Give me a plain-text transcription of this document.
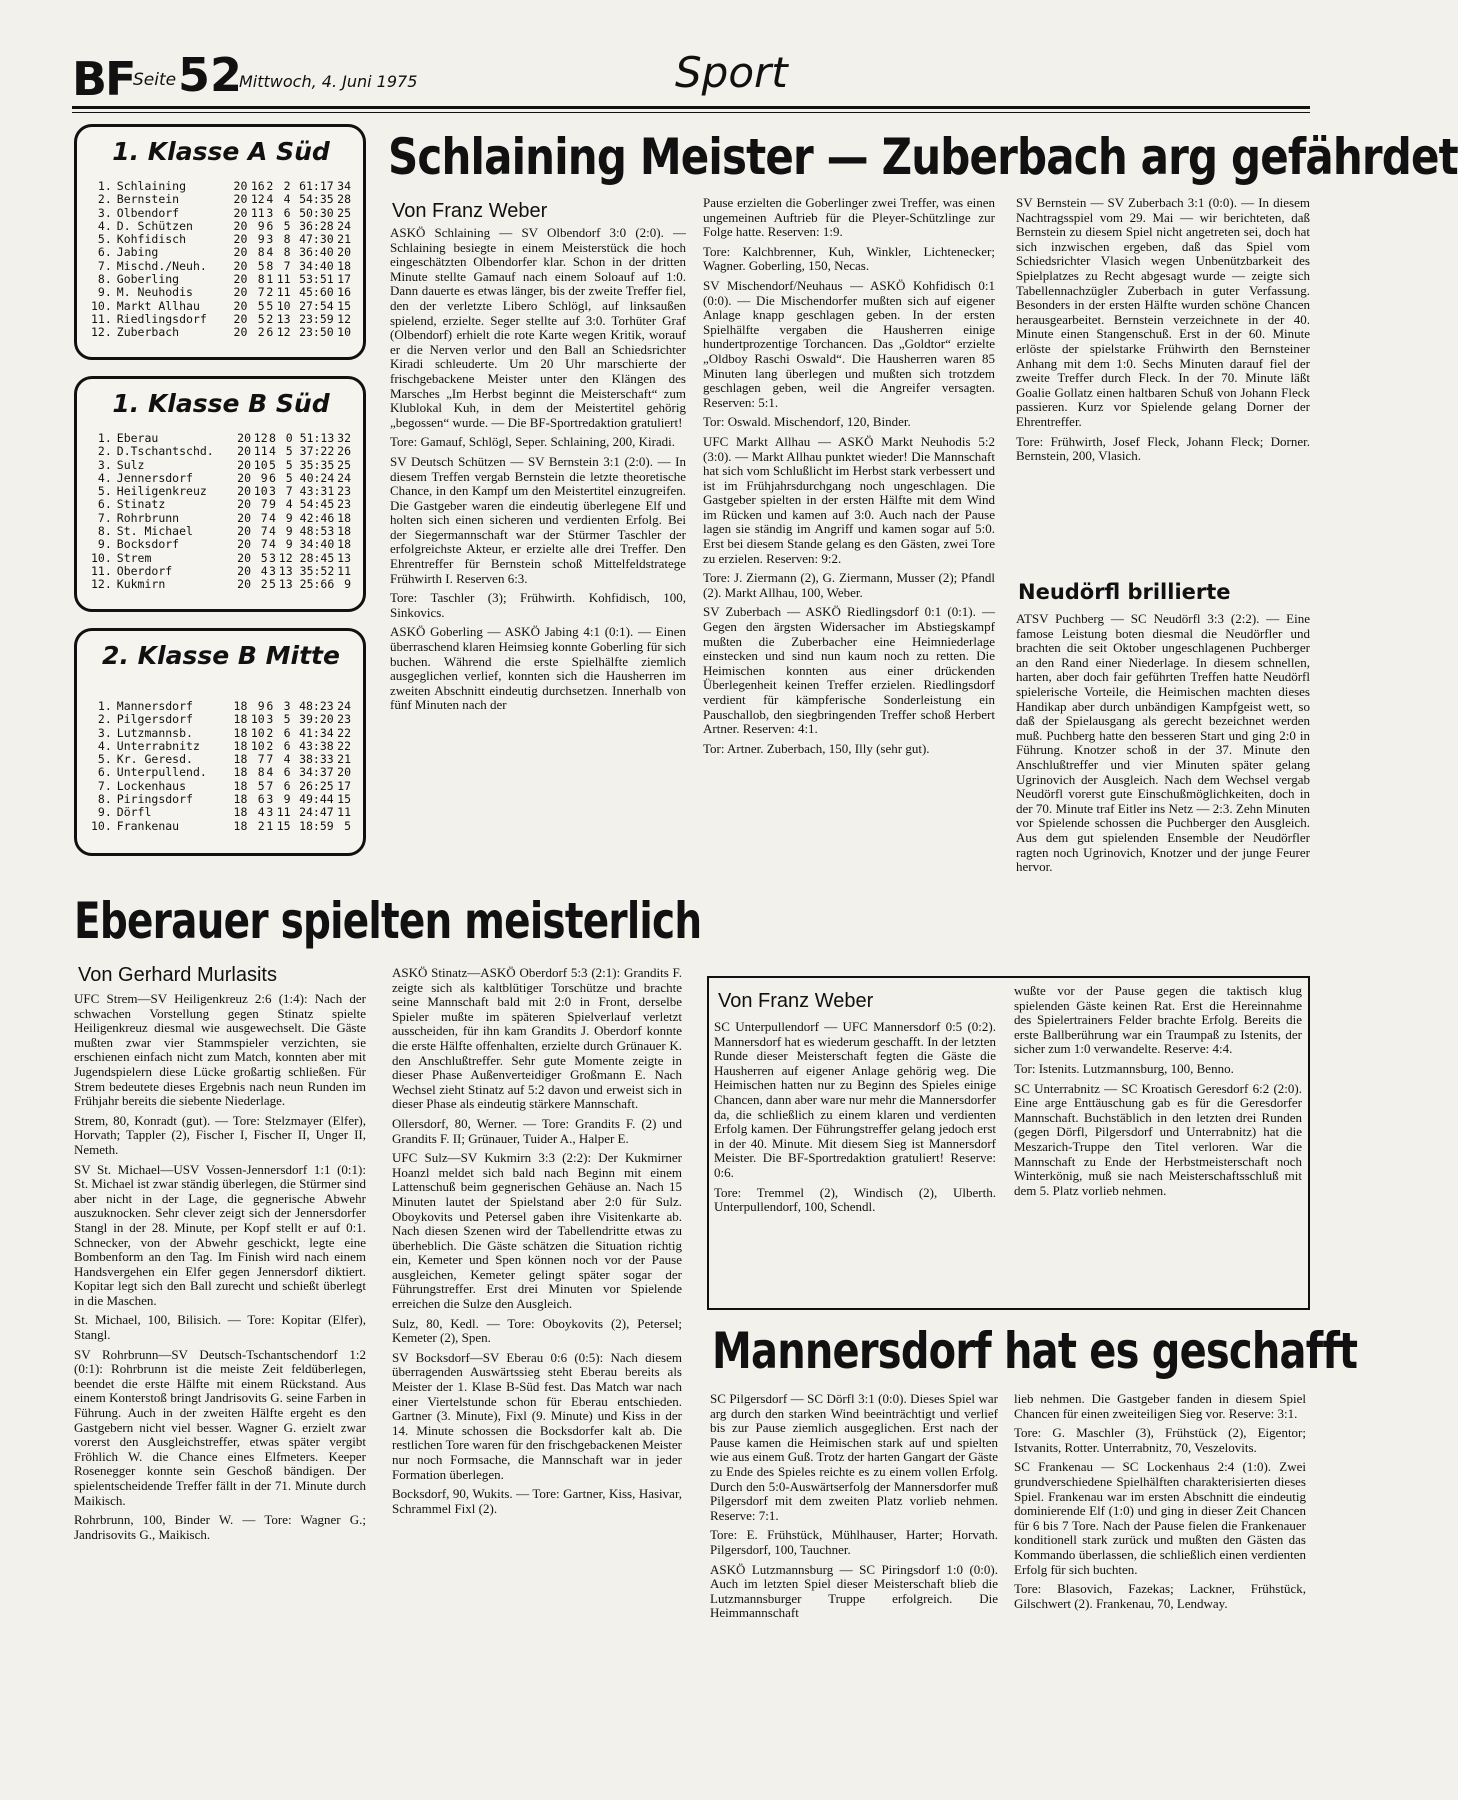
BF
Seite 52
Mittwoch, 4. Juni 1975	Sport
1. Klasse A Süd
1.	Schlaining	20	16	2	2	61:17	34
2.	Bernstein	20	12	4	4	54:35	28
3.	Olbendorf	20	11	3	6	50:30	25
4.	D. Schützen	20	9	6	5	36:28	24
5.	Kohfidisch	20	9	3	8	47:30	21
6.	Jabing	20	8	4	8	36:40	20
7.	Mischd./Neuh.	20	5	8	7	34:40	18
8.	Goberling	20	8	1	11	53:51	17
9.	M. Neuhodis	20	7	2	11	45:60	16
10.	Markt Allhau	20	5	5	10	27:54	15
11.	Riedlingsdorf	20	5	2	13	23:59	12
12.	Zuberbach	20	2	6	12	23:50	10
1. Klasse B Süd
1.	Eberau	20	12	8	0	51:13	32
2.	D.Tschantschd.	20	11	4	5	37:22	26
3.	Sulz	20	10	5	5	35:35	25
4.	Jennersdorf	20	9	6	5	40:24	24
5.	Heiligenkreuz	20	10	3	7	43:31	23
6.	Stinatz	20	7	9	4	54:45	23
7.	Rohrbrunn	20	7	4	9	42:46	18
8.	St. Michael	20	7	4	9	48:53	18
9.	Bocksdorf	20	7	4	9	34:40	18
10.	Strem	20	5	3	12	28:45	13
11.	Oberdorf	20	4	3	13	35:52	11
12.	Kukmirn	20	2	5	13	25:66	9
2. Klasse B Mitte
1.	Mannersdorf	18	9	6	3	48:23	24
2.	Pilgersdorf	18	10	3	5	39:20	23
3.	Lutzmannsb.	18	10	2	6	41:34	22
4.	Unterrabnitz	18	10	2	6	43:38	22
5.	Kr. Geresd.	18	7	7	4	38:33	21
6.	Unterpullend.	18	8	4	6	34:37	20
7.	Lockenhaus	18	5	7	6	26:25	17
8.	Piringsdorf	18	6	3	9	49:44	15
9.	Dörfl	18	4	3	11	24:47	11
10.	Frankenau	18	2	1	15	18:59	5
Schlaining Meister — Zuberbach arg gefährdet
Von Franz Weber

ASKÖ Schlaining — SV Olbendorf 3:0 (2:0). — Schlaining besiegte in einem Meisterstück die hoch eingeschätzten Olbendorfer klar. Schon in der dritten Minute stellte Gamauf nach einem Soloauf auf 1:0. Dann dauerte es etwas länger, bis der zweite Treffer fiel, den der verletzte Libero Schlögl, auf linksaußen spielend, erzielte. Seger stellte auf 3:0. Torhüter Graf (Olbendorf) erhielt die rote Karte wegen Kritik, worauf er die Nerven verlor und den Ball an Schiedsrichter Kiradi schleuderte. Um 20 Uhr marschierte der frischgebackene Meister unter den Klängen des Marsches „Im Herbst beginnt die Meisterschaft“ zum Klublokal Kuh, in dem der Meistertitel gehörig „begossen“ wurde. — Die BF-Sportredaktion gratuliert!

Tore: Gamauf, Schlögl, Seper. Schlaining, 200, Kiradi.

SV Deutsch Schützen — SV Bernstein 3:1 (2:0). — In diesem Treffen vergab Bernstein die letzte theoretische Chance, in den Kampf um den Meistertitel einzugreifen. Die Gastgeber waren die eindeutig überlegene Elf und holten sich einen sicheren und verdienten Erfolg. Bei der Siegermannschaft war der Stürmer Taschler der erfolgreichste Akteur, er erzielte alle drei Treffer. Den Ehrentreffer für Bernstein schoß Mittelfeldstratege Frühwirth I. Reserven 6:3.

Tore: Taschler (3); Frühwirth. Kohfidisch, 100, Sinkovics.

ASKÖ Goberling — ASKÖ Jabing 4:1 (0:1). — Einen überraschend klaren Heimsieg konnte Goberling für sich buchen. Während die erste Spielhälfte ziemlich ausgeglichen verlief, konnten sich die Hausherren im zweiten Abschnitt eindeutig durchsetzen. Innerhalb von fünf Minuten nach der

Pause erzielten die Goberlinger zwei Treffer, was einen ungemeinen Auftrieb für die Pleyer-Schützlinge zur Folge hatte. Reserven: 1:9.

Tore: Kalchbrenner, Kuh, Winkler, Lichtenecker; Wagner. Goberling, 150, Necas.

SV Mischendorf/Neuhaus — ASKÖ Kohfidisch 0:1 (0:0). — Die Mischendorfer mußten sich auf eigener Anlage knapp geschlagen geben. In der ersten Spielhälfte vergaben die Hausherren einige hundertprozentige Torchancen. Das „Goldtor“ erzielte „Oldboy Raschi Oswald“. Die Hausherren waren 85 Minuten lang überlegen und mußten sich trotzdem geschlagen geben, weil die Angreifer versagten. Reserven: 5:1.

Tor: Oswald. Mischendorf, 120, Binder.

UFC Markt Allhau — ASKÖ Markt Neuhodis 5:2 (3:0). — Markt Allhau punktet wieder! Die Mannschaft hat sich vom Schlußlicht im Herbst stark verbessert und ist im Frühjahrsdurchgang noch ungeschlagen. Die Gastgeber spielten in der ersten Hälfte mit dem Wind im Rücken und kamen auf 3:0. Auch nach der Pause lagen sie ständig im Angriff und kamen sogar auf 5:0. Erst bei diesem Stande gelang es den Gästen, zwei Tore zu erzielen. Reserven: 9:2.

Tore: J. Ziermann (2), G. Ziermann, Musser (2); Pfandl (2). Markt Allhau, 100, Weber.

SV Zuberbach — ASKÖ Riedlingsdorf 0:1 (0:1). — Gegen den ärgsten Widersacher im Abstiegskampf mußten die Zuberbacher eine Heimniederlage einstecken und sind nun kaum noch zu retten. Die Heimischen konnten aus einer drückenden Überlegenheit keinen Treffer erzielen. Riedlingsdorf verdient für kämpferische Sonderleistung ein Pauschallob, den siegbringenden Treffer schoß Herbert Artner. Reserven: 4:1.

Tor: Artner. Zuberbach, 150, Illy (sehr gut).

SV Bernstein — SV Zuberbach 3:1 (0:0). — In diesem Nachtragsspiel vom 29. Mai — wir berichteten, daß Bernstein zu diesem Spiel nicht angetreten sei, doch hat sich inzwischen ergeben, daß das Spiel vom Schiedsrichter Vlasich wegen Unbenützbarkeit des Spielplatzes zu Recht abgesagt wurde — zeigte sich Tabellennachzügler Zuberbach in guter Verfassung. Besonders in der ersten Hälfte wurden schöne Chancen herausgearbeitet. Bernstein verzeichnete in der 40. Minute einen Stangenschuß. Erst in der 60. Minute erlöste der spielstarke Frühwirth den Bernsteiner Anhang mit dem 1:0. Sechs Minuten darauf fiel der zweite Treffer durch Fleck. In der 70. Minute läßt Goalie Gollatz einen haltbaren Schuß von Johann Fleck passieren. Kurz vor Spielende gelang Dorner der Ehrentreffer.

Tore: Frühwirth, Josef Fleck, Johann Fleck; Dorner. Bernstein, 200, Vlasich.

Neudörfl brillierte

ATSV Puchberg — SC Neudörfl 3:3 (2:2). — Eine famose Leistung boten diesmal die Neudörfler und brachten die seit Oktober ungeschlagenen Puchberger an den Rand einer Niederlage. In diesem schnellen, harten, aber doch fair geführten Treffen hatte Neudörfl spielerische Vorteile, die Heimischen machten dieses Handikap aber durch unbändigen Kampfgeist wett, so daß der Spielausgang als gerecht bezeichnet werden muß. Puchberg hatte den besseren Start und ging 2:0 in Führung. Knotzer schoß in der 37. Minute den Anschlußtreffer und vier Minuten später gelang Ugrinovich der Ausgleich. Nach dem Wechsel vergab Neudörfl vorerst gute Einschußmöglichkeiten, doch in der 70. Minute traf Eitler ins Netz — 2:3. Zehn Minuten vor Spielende schossen die Puchberger den Ausgleich. Aus dem gut spielenden Ensemble der Neudörfler ragten noch Ugrinovich, Knotzer und der junge Feurer hervor.

Eberauer spielten meisterlich
Von Gerhard Murlasits

UFC Strem—SV Heiligenkreuz 2:6 (1:4): Nach der schwachen Vorstellung gegen Stinatz spielte Heiligenkreuz diesmal wie ausgewechselt. Die Gäste mußten zwar vier Stammspieler verzichten, sie erschienen einfach nicht zum Match, konnten aber mit Jugendspielern diese Lücke großartig schließen. Für Strem bedeutete dieses Ergebnis nach neun Runden im Frühjahr bereits die siebente Niederlage.

Strem, 80, Konradt (gut). — Tore: Stelzmayer (Elfer), Horvath; Tappler (2), Fischer I, Fischer II, Unger II, Nemeth.

SV St. Michael—USV Vossen-Jennersdorf 1:1 (0:1): St. Michael ist zwar ständig überlegen, die Stürmer sind aber nicht in der Lage, die gegnerische Abwehr auszuknocken. Sehr clever zeigt sich der Jennersdorfer Stangl in der 28. Minute, per Kopf stellt er auf 0:1. Schnecker, von der Abwehr geschickt, legte eine Bombenform an den Tag. Im Finish wird nach einem Handsvergehen ein Elfer gegen Jennersdorf diktiert. Kopitar legt sich den Ball zurecht und schießt überlegt in die Maschen.

St. Michael, 100, Bilisich. — Tore: Kopitar (Elfer), Stangl.

SV Rohrbrunn—SV Deutsch-Tschantschendorf 1:2 (0:1): Rohrbrunn ist die meiste Zeit feldüberlegen, beendet die erste Hälfte mit einem Rückstand. Aus einem Konterstoß bringt Jandrisovits G. seine Farben in Führung. Auch in der zweiten Hälfte ergeht es den Gastgebern nicht viel besser. Wagner G. erzielt zwar vorerst den Ausgleichstreffer, etwas später vergibt Fröhlich W. die Chance eines Elfmeters. Keeper Rosenegger konnte sein Geschoß bändigen. Der spielentscheidende Treffer fällt in der 71. Minute durch Maikisch.

Rohrbrunn, 100, Binder W. — Tore: Wagner G.; Jandrisovits G., Maikisch.

ASKÖ Stinatz—ASKÖ Oberdorf 5:3 (2:1): Grandits F. zeigte sich als kaltblütiger Torschütze und brachte seine Mannschaft bald mit 2:0 in Front, derselbe Spieler mußte im späteren Spielverlauf verletzt ausscheiden, für ihn kam Grandits J. Oberdorf konnte die erste Hälfte offenhalten, erzielte durch Grünauer K. den Anschlußtreffer. Sehr gute Momente zeigte in dieser Phase Außenverteidiger Großmann E. Nach Wechsel zieht Stinatz auf 5:2 davon und erweist sich in dieser Phase als eindeutig stärkere Mannschaft.

Ollersdorf, 80, Werner. — Tore: Grandits F. (2) und Grandits F. II; Grünauer, Tuider A., Halper E.

UFC Sulz—SV Kukmirn 3:3 (2:2): Der Kukmirner Hoanzl meldet sich bald nach Beginn mit einem Lattenschuß beim gegnerischen Gehäuse an. Nach 15 Minuten lautet der Spielstand aber 2:0 für Sulz. Oboykovits und Petersel gaben ihre Visitenkarte ab. Nach diesen Szenen wird der Tabellendritte etwas zu überheblich. Die Gäste schätzen die Situation richtig ein, Kemeter und Spen können noch vor der Pause ausgleichen, Kemeter gelingt später sogar der Führungstreffer. Erst drei Minuten vor Spielende erreichen die Sulze den Ausgleich.

Sulz, 80, Kedl. — Tore: Oboykovits (2), Petersel; Kemeter (2), Spen.

SV Bocksdorf—SV Eberau 0:6 (0:5): Nach diesem überragenden Auswärtssieg steht Eberau bereits als Meister der 1. Klase B-Süd fest. Das Match war nach einer Viertelstunde schon für Eberau entschieden. Gartner (3. Minute), Fixl (9. Minute) und Kiss in der 14. Minute schossen die Bocksdorfer kalt ab. Die restlichen Tore waren für den frischgebackenen Meister nur noch Formsache, die Mannschaft war in jeder Formation überlegen.

Bocksdorf, 90, Wukits. — Tore: Gartner, Kiss, Hasivar, Schrammel Fixl (2).

Von Franz Weber

SC Unterpullendorf — UFC Mannersdorf 0:5 (0:2). Mannersdorf hat es wiederum geschafft. In der letzten Runde dieser Meisterschaft fegten die Gäste die Hausherren auf eigener Anlage gehörig weg. Die Heimischen hatten nur zu Beginn des Spieles einige Chancen, dann aber ware nur mehr die Mannersdorfer da, die schließlich zu einem klaren und verdienten Erfolg kamen. Der Führungstreffer gelang jedoch erst in der 40. Minute. Mit diesem Sieg ist Mannersdorf Meister. Die BF-Sportredaktion gratuliert! Reserve: 0:6.

Tore: Tremmel (2), Windisch (2), Ulberth. Unterpullendorf, 100, Schendl.

wußte vor der Pause gegen die taktisch klug spielenden Gäste keinen Rat. Erst die Hereinnahme des Spielertrainers Felder brachte Erfolg. Bereits die erste Ballberührung war ein Traumpaß zu Istenits, der sicher zum 1:0 verwandelte. Reserve: 4:4.

Tor: Istenits. Lutzmannsburg, 100, Benno.

SC Unterrabnitz — SC Kroatisch Geresdorf 6:2 (2:0). Eine arge Enttäuschung gab es für die Geresdorfer Mannschaft. Buchstäblich in den letzten drei Runden (gegen Dörfl, Pilgersdorf und Unterrabnitz) hat die Meszarich-Truppe den Titel verloren. War die Mannschaft zu Ende der Herbstmeisterschaft noch Winterkönig, muß sie nach Meisterschaftsschluß mit dem 5. Platz vorlieb nehmen.

Mannersdorf hat es geschafft

SC Pilgersdorf — SC Dörfl 3:1 (0:0). Dieses Spiel war arg durch den starken Wind beeinträchtigt und verlief bis zur Pause ziemlich ausgeglichen. Erst nach der Pause kamen die Heimischen stark auf und spielten wie aus einem Guß. Trotz der harten Gangart der Gäste zu Ende des Spieles reichte es zu einem vollen Erfolg. Durch den 5:0-Auswärtserfolg der Mannersdorfer muß Pilgersdorf mit dem zweiten Platz vorlieb nehmen. Reserve: 7:1.

Tore: E. Frühstück, Mühlhauser, Harter; Horvath. Pilgersdorf, 100, Tauchner.

ASKÖ Lutzmannsburg — SC Piringsdorf 1:0 (0:0). Auch im letzten Spiel dieser Meisterschaft blieb die Lutzmannsburger Truppe erfolgreich. Die Heimmannschaft

lieb nehmen. Die Gastgeber fanden in diesem Spiel Chancen für einen zweiteiligen Sieg vor. Reserve: 3:1.

Tore: G. Maschler (3), Frühstück (2), Eigentor; Istvanits, Rotter. Unterrabnitz, 70, Veszelovits.

SC Frankenau — SC Lockenhaus 2:4 (1:0). Zwei grundverschiedene Spielhälften charakterisierten dieses Spiel. Frankenau war im ersten Abschnitt die eindeutig dominierende Elf (1:0) und ging in dieser Zeit Chancen für 6 bis 7 Tore. Nach der Pause fielen die Frankenauer konditionell stark zurück und mußten den Gästen das Kommando überlassen, die schließlich einen verdienten Erfolg für sich buchten.

Tore: Blasovich, Fazekas; Lackner, Frühstück, Gilschwert (2). Frankenau, 70, Lendway.
